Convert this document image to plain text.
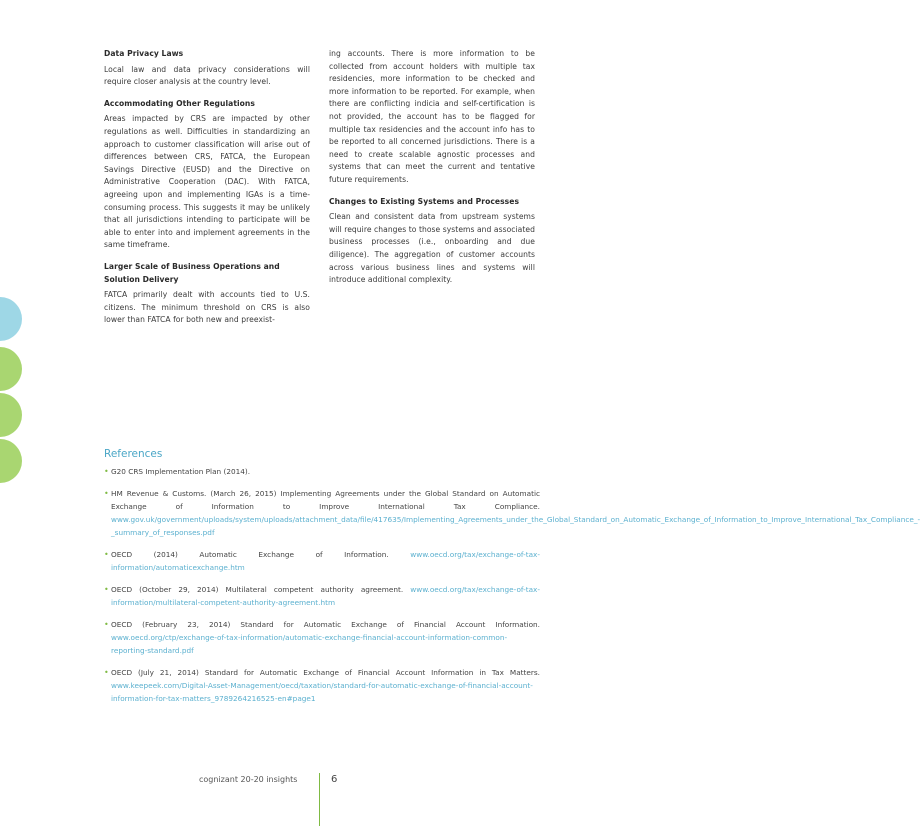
Data Privacy Laws

Local law and data privacy considerations will require closer analysis at the country level.

Accommodating Other Regulations

Areas impacted by CRS are impacted by other regulations as well. Difficulties in standardizing an approach to customer classification will arise out of differences between CRS, FATCA, the European Savings Directive (EUSD) and the Directive on Administrative Cooperation (DAC). With FATCA, agreeing upon and implementing IGAs is a time-consuming process. This suggests it may be unlikely that all jurisdictions intending to participate will be able to enter into and implement agreements in the same timeframe.

Larger Scale of Business Operations and Solution Delivery

FATCA primarily dealt with accounts tied to U.S. citizens. The minimum threshold on CRS is also lower than FATCA for both new and preexist-

ing accounts. There is more information to be collected from account holders with multiple tax residencies, more information to be checked and more information to be reported. For example, when there are conflicting indicia and self-certification is not provided, the account has to be flagged for multiple tax residencies and the account info has to be reported to all concerned jurisdictions. There is a need to create scalable agnostic processes and systems that can meet the current and tentative future requirements.

Changes to Existing Systems and Processes

Clean and consistent data from upstream systems will require changes to those systems and associated business processes (i.e., onboarding and due diligence). The aggregation of customer accounts across various business lines and systems will introduce additional complexity.

References
• G20 CRS Implementation Plan (2014).
• HM Revenue & Customs. (March 26, 2015) Implementing Agreements under the Global Standard on Automatic Exchange of Information to Improve International Tax Compliance. www.gov.uk/government/uploads/system/uploads/attachment_data/file/417635/Implementing_Agreements_under_the_Global_Standard_on_Automatic_Exchange_of_Information_to_Improve_International_Tax_Compliance_-_summary_of_responses.pdf
• OECD (2014) Automatic Exchange of Information. www.oecd.org/tax/exchange-of-tax-information/automaticexchange.htm
• OECD (October 29, 2014) Multilateral competent authority agreement. www.oecd.org/tax/exchange-of-tax-information/multilateral-competent-authority-agreement.htm
• OECD (February 23, 2014) Standard for Automatic Exchange of Financial Account Information. www.oecd.org/ctp/exchange-of-tax-information/automatic-exchange-financial-account-information-common-reporting-standard.pdf
• OECD (July 21, 2014) Standard for Automatic Exchange of Financial Account Information in Tax Matters. www.keepeek.com/Digital-Asset-Management/oecd/taxation/standard-for-automatic-exchange-of-financial-account-information-for-tax-matters_9789264216525-en#page1
cognizant 20-20 insights	6
